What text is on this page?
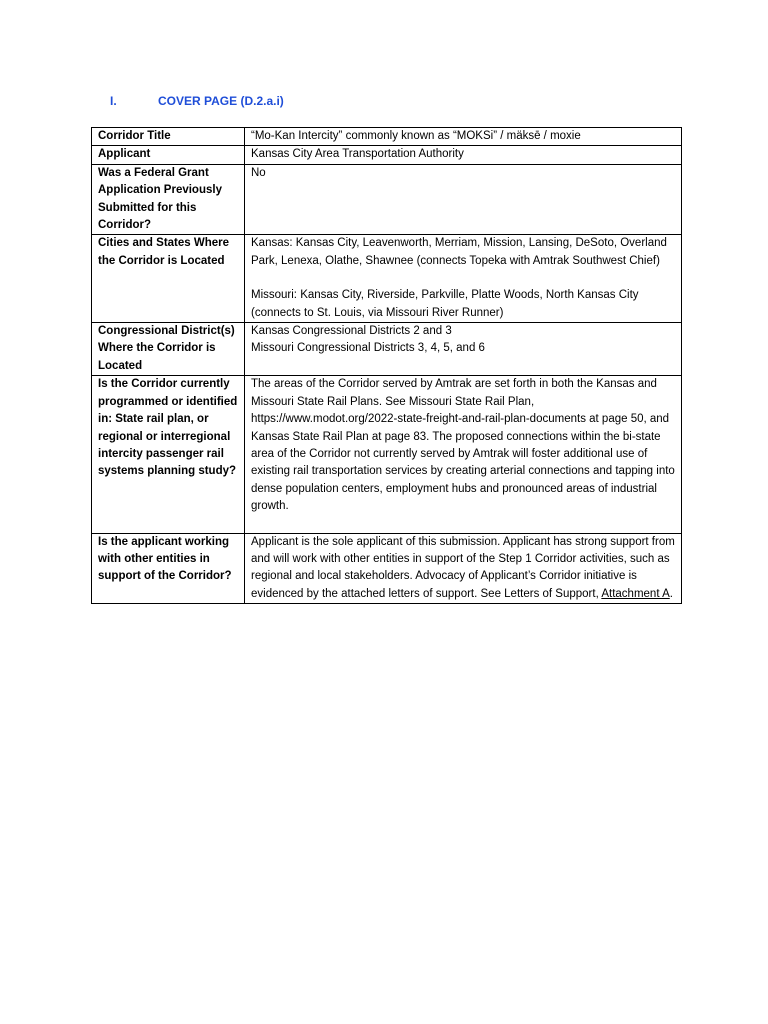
I.	COVER PAGE (D.2.a.i)
Corridor Title	“Mo-Kan Intercity” commonly known as “MOKSi” / mäksē / moxie
Applicant	Kansas City Area Transportation Authority
Was a Federal Grant Application Previously Submitted for this Corridor?	No
Cities and States Where the Corridor is Located	Kansas: Kansas City, Leavenworth, Merriam, Mission, Lansing, DeSoto, Overland Park, Lenexa, Olathe, Shawnee (connects Topeka with Amtrak Southwest Chief)
Missouri: Kansas City, Riverside, Parkville, Platte Woods, North Kansas City (connects to St. Louis, via Missouri River Runner)

Congressional District(s) Where the Corridor is Located	Kansas Congressional Districts 2 and 3
Missouri Congressional Districts 3, 4, 5, and 6

Is the Corridor currently programmed or identified in: State rail plan, or regional or interregional intercity passenger rail systems planning study?	The areas of the Corridor served by Amtrak are set forth in both the Kansas and Missouri State Rail Plans. See Missouri State Rail Plan, https://www.modot.org/2022-state-freight-and-rail-plan-documents at page 50, and Kansas State Rail Plan at page 83. The proposed connections within the bi-state area of the Corridor not currently served by Amtrak will foster additional use of existing rail transportation services by creating arterial connections and tapping into dense population centers, employment hubs and pronounced areas of industrial growth.

Is the applicant working with other entities in support of the Corridor?	Applicant is the sole applicant of this submission. Applicant has strong support from and will work with other entities in support of the Step 1 Corridor activities, such as regional and local stakeholders. Advocacy of Applicant’s Corridor initiative is evidenced by the attached letters of support. See Letters of Support, Attachment A.
